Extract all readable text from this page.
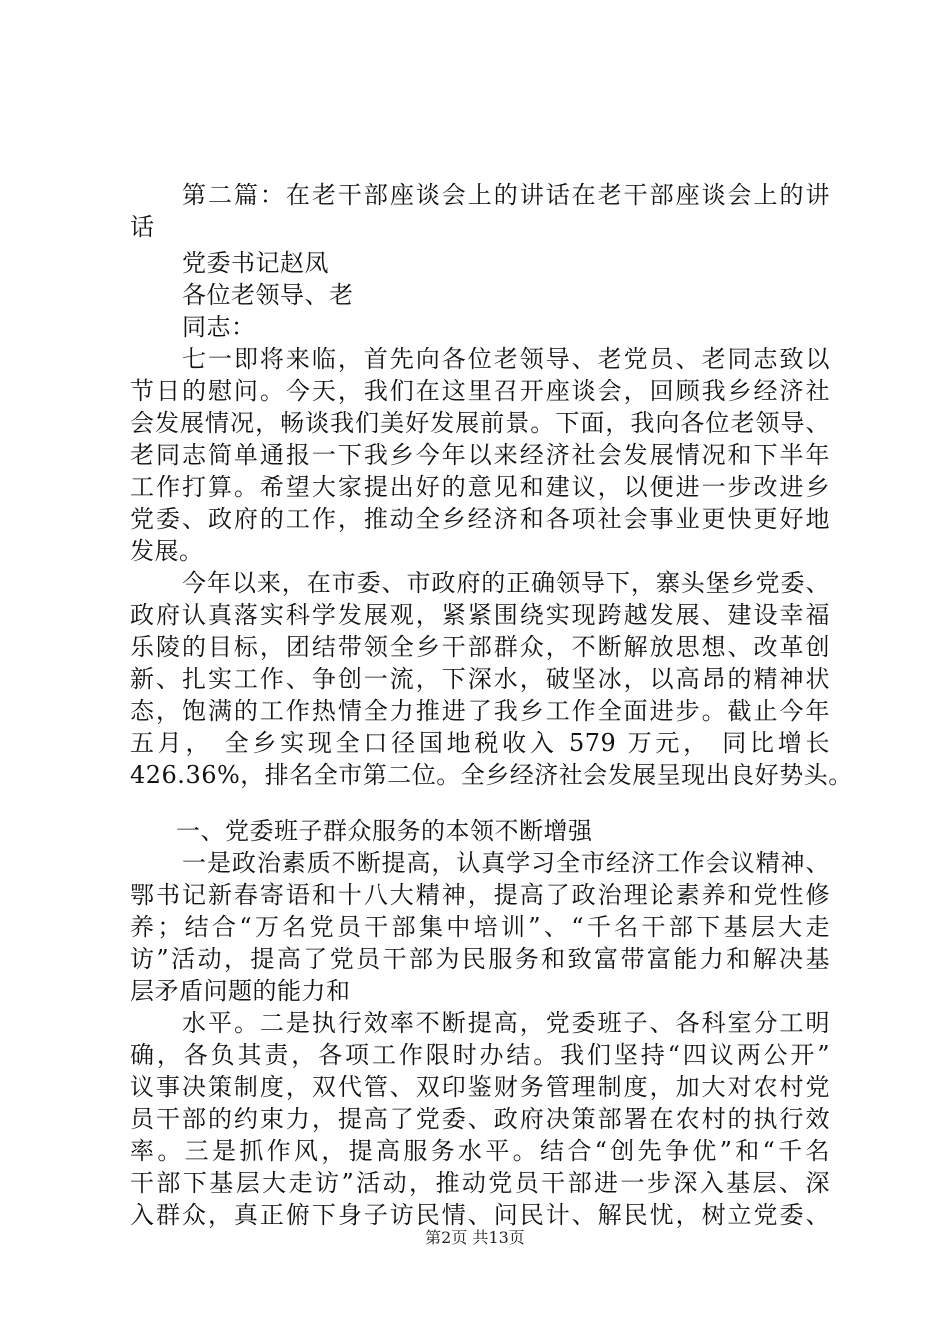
第二篇：在老干部座谈会上的讲话在老干部座谈会上的讲
话
党委书记赵凤
各位老领导、老
同志：
七一即将来临，首先向各位老领导、老党员、老同志致以
节日的慰问。今天，我们在这里召开座谈会，回顾我乡经济社
会发展情况，畅谈我们美好发展前景。下面，我向各位老领导、
老同志简单通报一下我乡今年以来经济社会发展情况和下半年
工作打算。希望大家提出好的意见和建议，以便进一步改进乡
党委、政府的工作，推动全乡经济和各项社会事业更快更好地
发展。
今年以来，在市委、市政府的正确领导下，寨头堡乡党委、
政府认真落实科学发展观，紧紧围绕实现跨越发展、建设幸福
乐陵的目标，团结带领全乡干部群众，不断解放思想、改革创
新、扎实工作、争创一流，下深水，破坚冰，以高昂的精神状
态，饱满的工作热情全力推进了我乡工作全面进步。截止今年
五月， 全乡实现全口径国地税收入 579 万元， 同比增长
426.36%，排名全市第二位。全乡经济社会发展呈现出良好势头。
一、党委班子群众服务的本领不断增强
一是政治素质不断提高，认真学习全市经济工作会议精神、
鄂书记新春寄语和十八大精神，提高了政治理论素养和党性修
养；结合“万名党员干部集中培训”、“千名干部下基层大走
访”活动，提高了党员干部为民服务和致富带富能力和解决基
层矛盾问题的能力和
水平。二是执行效率不断提高，党委班子、各科室分工明
确，各负其责，各项工作限时办结。我们坚持“四议两公开”
议事决策制度，双代管、双印鉴财务管理制度，加大对农村党
员干部的约束力，提高了党委、政府决策部署在农村的执行效
率。三是抓作风，提高服务水平。结合“创先争优”和“千名
干部下基层大走访”活动，推动党员干部进一步深入基层、深
入群众，真正俯下身子访民情、问民计、解民忧，树立党委、
第2页 共13页
